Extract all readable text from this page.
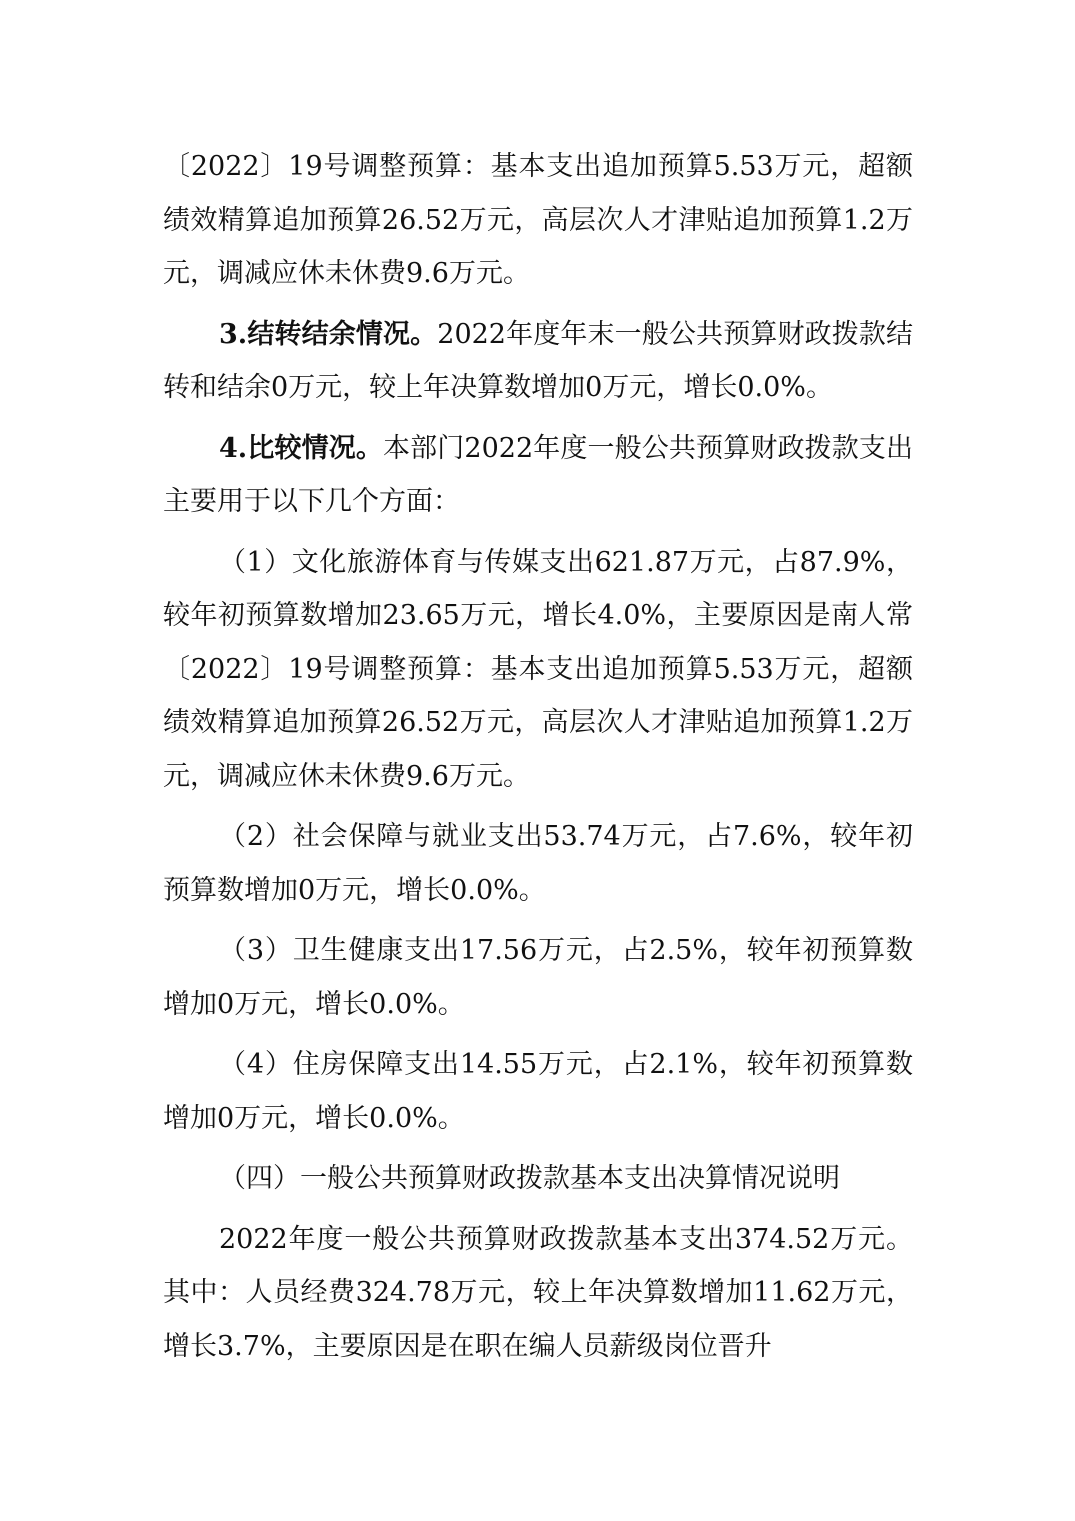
〔2022〕19号调整预算：基本支出追加预算5.53万元，超额绩效精算追加预算26.52万元，高层次人才津贴追加预算1.2万元，调减应休未休费9.6万元。

3.结转结余情况。2022年度年末一般公共预算财政拨款结转和结余0万元，较上年决算数增加0万元，增长0.0%。

4.比较情况。本部门2022年度一般公共预算财政拨款支出主要用于以下几个方面：

（1）文化旅游体育与传媒支出621.87万元，占87.9%，较年初预算数增加23.65万元，增长4.0%，主要原因是南人常〔2022〕19号调整预算：基本支出追加预算5.53万元，超额绩效精算追加预算26.52万元，高层次人才津贴追加预算1.2万元，调减应休未休费9.6万元。

（2）社会保障与就业支出53.74万元，占7.6%，较年初预算数增加0万元，增长0.0%。

（3）卫生健康支出17.56万元，占2.5%，较年初预算数增加0万元，增长0.0%。

（4）住房保障支出14.55万元，占2.1%，较年初预算数增加0万元，增长0.0%。

（四）一般公共预算财政拨款基本支出决算情况说明

2022年度一般公共预算财政拨款基本支出374.52万元。其中：人员经费324.78万元，较上年决算数增加11.62万元，增长3.7%，主要原因是在职在编人员薪级岗位晋升
